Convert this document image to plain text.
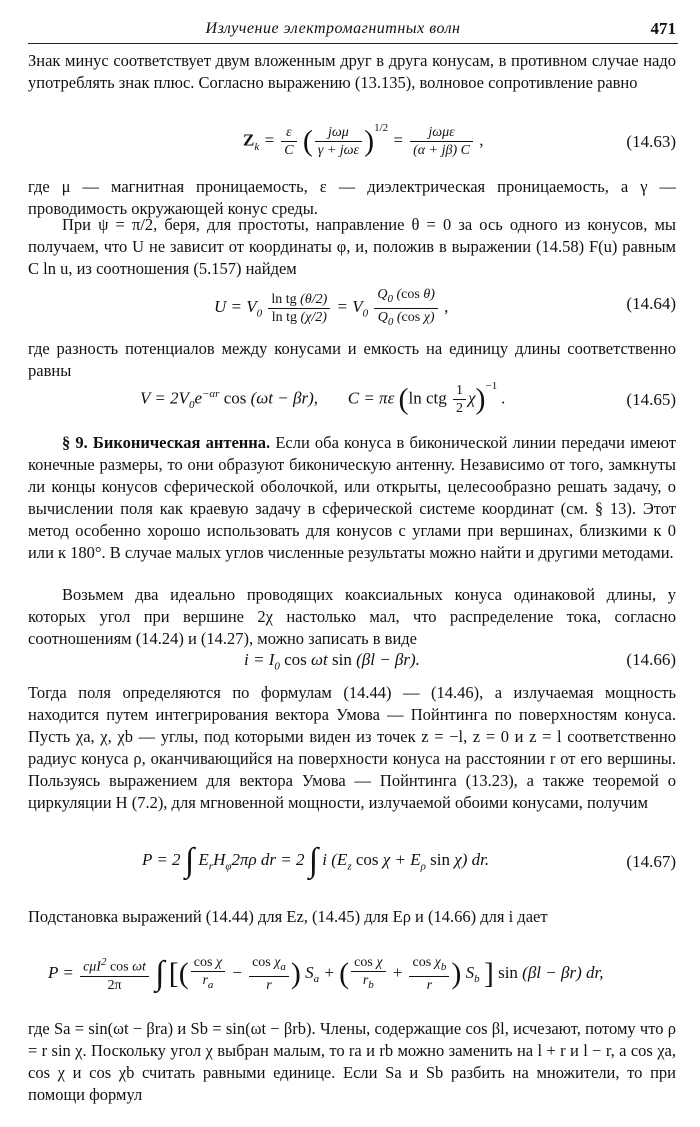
Излучение электромагнитных волн	471

Знак минус соответствует двум вложенным друг в друга конусам, в противном случае надо употреблять знак плюс. Согласно выражению (13.135), волновое сопротивление равно

$Z_k = \frac{\varepsilon}{C}$ ( $\frac{\text{jωμ}}{\text{γ + jωε}} )^{1/2} = \frac{\text{jωμε}}{(\alpha + j\beta) C}$ ,	(14.63)

где μ — магнитная проницаемость, ε — диэлектрическая проницаемость, а γ — проводимость окружающей конус среды.

При ψ = π/2, беря, для простоты, направление θ = 0 за ось одного из конусов, мы получаем, что U не зависит от координаты φ, и, положив в выражении (14.58) F(u) равным C ln u, из соотношения (5.157) найдем

$U = V_0 \frac{\text{ln tg (θ/2)}}{\text{ln tg (χ/2)}} = V_0 \frac{Q_0 (\cos \theta)}{Q_0 (\cos \chi)}$ ,	(14.64)

где разность потенциалов между конусами и емкость на единицу длины соответственно равны

$V = 2V_0e^{-\alpha r}$ cos (ωt − βr),       C = πε (ln ctg $\frac{1}{2} \chi)^{-1}$ .	(14.65)

§ 9. Биконическая антенна. Если оба конуса в биконической линии передачи имеют конечные размеры, то они образуют биконическую антенну. Независимо от того, замкнуты ли концы конусов сферической оболочкой, или открыты, целесообразно решать задачу, о вычислении поля как краевую задачу в сферической системе координат (см. § 13). Этот метод особенно хорошо использовать для конусов с углами при вершинах, близкими к 0 или к 180°. В случае малых углов численные результаты можно найти и другими методами.

Возьмем два идеально проводящих коаксиальных конуса одинаковой длины, у которых угол при вершине 2χ настолько мал, что распределение тока, согласно соотношениям (14.24) и (14.27), можно записать в виде

$i = I_0$ cos ωt sin (βl − βr).	(14.66)

Тогда поля определяются по формулам (14.44) — (14.46), а излучаемая мощность находится путем интегрирования вектора Умова — Пойнтинга по поверхностям конуса. Пусть χa, χ, χb — углы, под которыми виден из точек z = −l, z = 0 и z = l соответственно радиус конуса ρ, оканчивающийся на поверхности конуса на расстоянии r от его вершины. Пользуясь выражением для вектора Умова — Пойнтинга (13.23), а также теоремой о циркуляции H (7.2), для мгновенной мощности, излучаемой обоими конусами, получим

P = 2 ∫ $E_rH_\varphi 2\pi\rho$ dr = 2 ∫ i ($E_z$ $\cos \chi + E_\rho$ sin χ) dr.	(14.67)

Подстановка выражений (14.44) для Ez, (14.45) для Eρ и (14.66) для i дает

$P = \frac{c\mu I^2 \cos \omega t}{2\pi}$ ∫ [( $\frac{\text{cos χ}}{r_a} - \frac{\cos \chi_a}{r}$ ) $S_a$ + ( $\frac{\text{cos χ}}{r_b} + \frac{\cos \chi_b}{r}$ ) $S_b$ ] sin (βl − βr) dr,

где Sa = sin(ωt − βra) и Sb = sin(ωt − βrb). Члены, содержащие cos βl, исчезают, потому что ρ = r sin χ. Поскольку угол χ выбран малым, то ra и rb можно заменить на l + r и l − r, а cos χa, cos χ и cos χb считать равными единице. Если Sa и Sb разбить на множители, то при помощи формул
